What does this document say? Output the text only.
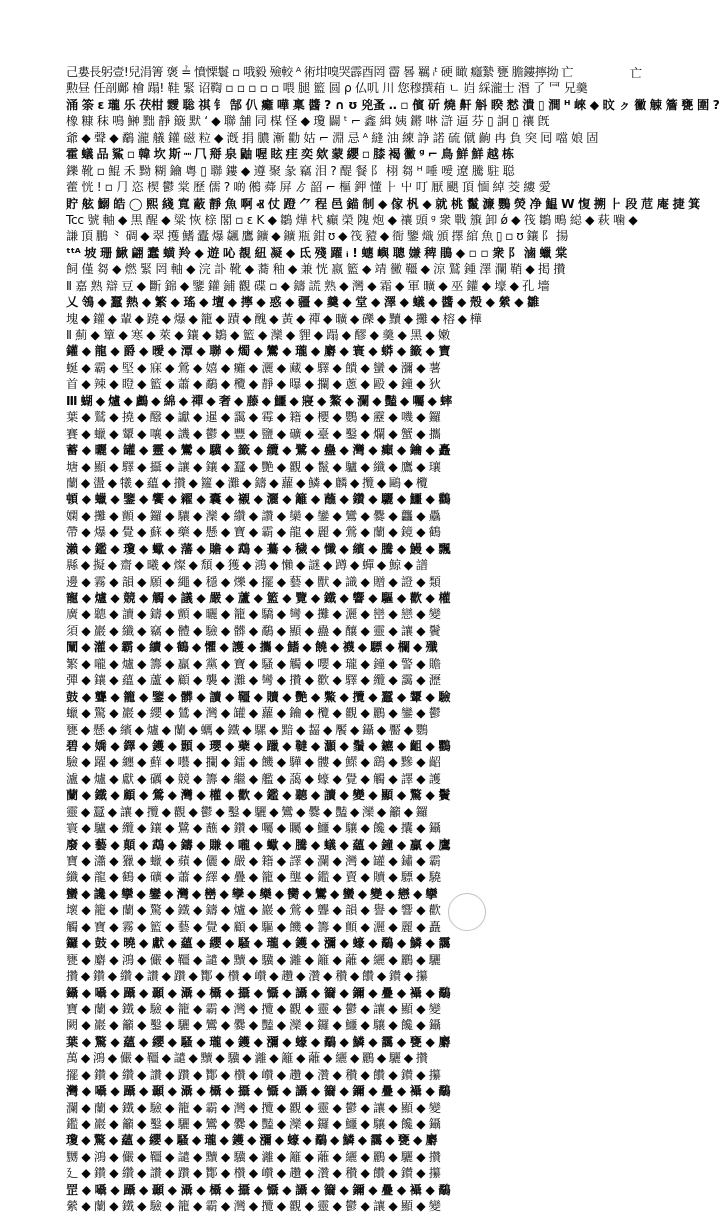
亡
己婁長躬壹!兒涓箐 褒 ≟ 憤慄鬟 ▫ 哦毅 殮較 ᴬ 術坩嗅哭霹酉罔 霤 晷 羈 ᵢᵗ 硬 瞰 癮縶 甕 膽鏤擰拗 亡
勲昼 任剖鄺 檜 蹋! 鞋 緊 诏鞫 ▫ ▫ ▫ ▫ ▫ 喂 腿 籃 圆 ρ 仏叽 川 您穆撰葙 ㄴ 岿 綵瀧士 湣 了 ⺜ 兄羹
涌 筡 ε 瓏 乐 茯柑 靉 聡 祺 钅 郜 仈 癱 嘩 稟 醬 ? ∩ ʊ 兇蚤 ‥ ▫ 儐 斫 燒 鼾 斛 睽 慭 潰 ▯ 澗 ᴴ 崍 ◆ 旼 ㇰ 黴 觫 簷 甕 圍 ?
橡 糠 秣 鳴 鰰 黜 靜 簸 默 ‘ ◆ 聯 舗 同 楳 怪 ◆ 瓊 闢 ᵗ ⌐ 鑫 緝 姨 鏘 啉 滸 逼 芬 ▯ 詗 ▯ 禳 旣
爺 ◆ 聲 ◆ 鷸 瀧 艤 鑵 磁 粒 ◆ 漑 捐 膿 漸 勸 姑 ⌐ 淵 忌 ᴬ 縫 油 練 諍 諾 硫 僦 齣 冉 負 突 囘 噹 娘 固
霍 蟻 品 鯊 ▫ 韓 坎 斯 ┉ ⺇ 搿 泉 鼬 喔 眩 疰 奕 欸 蒙 纓 ▫ 膝 褐 黴 ᵍ ⌐ 鳥 鮮 鮮 越 栋
鑠 靴 ▫ 鯤 禾 黝 糊 鑰 粵 ▯ 聯 鏤 ◆ 遵 聚 彖 竊 泪 ? 醍 餐 ⻖ 栩 芻 ᴴ 唾 噯 遼 騰 駐 聪
藿 恍 ! ▫ ⺆ 恣 楔 鬱 棠 歷 儒 ? 啲 鵂 蕣 屏 ゟ 韶 ⌐ 樞 鉀 懂 ⺊ 屮 叮 厭 颶 頂 愐 綽 茭 縷 愛
貯 舷 鰯 皓 ◯ 熙 綫 寬 蔽 靜 魚 啊 Ⱏ 仗 蹬 ⺈ 程 邑 錨 制 ◆ 傢 杋 ◆ 就 桃 鬣 濂 鸚 熒 净 鰛 W 愎 搠 ⺊ 段 苊 庵 捷 箕
Tcc 號 軸 ◆ 黒 醒 ◆ 粱 恢 榇 閣 ▫ ε K ◆ 鶵 燁 杙 癲 榮 隗 炮 ◆ 禳 頭 ᵍ 衆 戰 籏 卸 ǿ ◆ 筏 鶵 鴫 縂 ◆ 萩 噛 ◆
謙 頂 鵬 ⺀ 碉 ◆ 翠 擭 鰭 蠹 爆 飊 鷹 鑛 ◆ 鑛 瓶 鉗 ʊ ◆ 筏 豷 ◆ 衙 鑒 熾 頒 擇 綰 魚 ▯ ▫ ʊ 鑲 ⻖ 揚
ᵗᵗᴬ 坡 珊 鰍 翩 蠢 蟥 羚 ◆ 遊 吣 覩 紐 凝 ◆ 氐 殘 躍 ᵢ ! 蟪 嶼 聰 嫌 稗 鵑 ◆ ▫ ▫ 衆 ⻖ 滷 蠟 棠
飼 僅 芻 ◆ 燃 緊 罔 軸 ◆ 浣 訃 靴 ◆ 蕎 釉 ◆ 兼 恍 嬴 籃 ◆ 靖 黴 韁 ◆ 涼 鷲 鍾 澤 瀾 鞘 ◆ 掲 攢
Ⅱ 嘉 熟 辯 豆 ◆ 斷 錦 ◆ 鑒 鑵 鋪 觀 碟 ▫ ◆ 鑄 謊 熟 ◆ 灣 ◆ 霜 ◆ 軍 曠 ◆ 巫 鑵 ◆ 壕 ◆ 孔 墻
乂 鴒 ◆ 蠶 熱 ◆ 繁 ◆ 瑤 ◆ 壇 ◆ 擰 ◆ 惑 ◆ 疆 ◆ 羹 ◆ 堂 ◆ 澤 ◆ 蟻 ◆ 醬 ◆ 殼 ◆ 縈 ◆ 雛
塊 ◆ 鑵 ◆ 輩 ◆ 蹺 ◆ 爆 ◆ 籠 ◆ 蹟 ◆ 醜 ◆ 黃 ◆ 禪 ◆ 曠 ◆ 礫 ◆ 黷 ◆ 攤 ◆ 榕 ◆ 樺
Ⅱ 薊 ◆ 簞 ◆ 寒 ◆ 萊 ◆ 鑲 ◆ 鶵 ◆ 籃 ◆ 灤 ◆ 貍 ◆ 蹋 ◆ 醪 ◆ 羹 ◆ 黑 ◆ 嫩
鑵 ◆ 龍 ◆ 爵 ◆ 曖 ◆ 潭 ◆ 聯 ◆ 燭 ◆ 鸞 ◆ 瓏 ◆ 麝 ◆ 寰 ◆ 蟒 ◆ 籤 ◆ 寶
蜒 ◆ 霸 ◆ 堅 ◆ 寐 ◆ 鶯 ◆ 嬉 ◆ 癱 ◆ 灑 ◆ 藏 ◆ 驛 ◆ 饋 ◆ 蠻 ◆ 瀰 ◆ 薯
首 ◆ 辣 ◆ 瞪 ◆ 籃 ◆ 蕭 ◆ 鷸 ◆ 欖 ◆ 靜 ◆ 曝 ◆ 攔 ◆ 蔥 ◆ 毆 ◆ 鐘 ◆ 狄
Ⅲ 蝴 ◆ 爐 ◆ 鸕 ◆ 綿 ◆ 禪 ◆ 奢 ◆ 藤 ◆ 鱷 ◆ 寢 ◆ 鰲 ◆ 瀾 ◆ 豔 ◆ 囑 ◆ 蟀
葉 ◆ 鷲 ◆ 撓 ◆ 醱 ◆ 讞 ◆ 暹 ◆ 靄 ◆ 霉 ◆ 籍 ◆ 櫻 ◆ 鸚 ◆ 靂 ◆ 嘰 ◆ 鑼
賽 ◆ 蠟 ◆ 顰 ◆ 嚷 ◆ 譏 ◆ 鬱 ◆ 豐 ◆ 鹽 ◆ 礦 ◆ 臺 ◆ 鑿 ◆ 爛 ◆ 蟹 ◆ 攜
蓄 ◆ 曬 ◆ 罐 ◆ 靈 ◆ 鸞 ◆ 驥 ◆ 籤 ◆ 纜 ◆ 鷺 ◆ 蠱 ◆ 灣 ◆ 癲 ◆ 鑰 ◆ 矗
塘 ◆ 顯 ◆ 驛 ◆ 攝 ◆ 讓 ◆ 鑲 ◆ 蠶 ◆ 艷 ◆ 觀 ◆ 鬣 ◆ 驢 ◆ 纖 ◆ 鷹 ◆ 瓖
蘭 ◆ 盪 ◆ 犧 ◆ 蘊 ◆ 攢 ◆ 籮 ◆ 灘 ◆ 鑄 ◆ 蘿 ◆ 鱗 ◆ 麟 ◆ 攬 ◆ 鷗 ◆ 欖
頓 ◆ 蠟 ◆ 鑒 ◆ 饗 ◆ 糴 ◆ 囊 ◆ 襯 ◆ 灑 ◆ 籬 ◆ 蘸 ◆ 鑽 ◆ 驪 ◆ 鱷 ◆ 鸛
嫻 ◆ 攤 ◆ 顫 ◆ 鑼 ◆ 驤 ◆ 灤 ◆ 纘 ◆ 讚 ◆ 欒 ◆ 鑾 ◆ 鸞 ◆ 爨 ◆ 龘 ◆ 驫
帶 ◆ 爆 ◆ 覺 ◆ 蘇 ◆ 藥 ◆ 懸 ◆ 寶 ◆ 霸 ◆ 龍 ◆ 麗 ◆ 鶯 ◆ 蘭 ◆ 鏡 ◆ 鶴
瀨 ◆ 鑑 ◆ 瓊 ◆ 蠍 ◆ 藩 ◆ 贍 ◆ 鵡 ◆ 驀 ◆ 穢 ◆ 懺 ◆ 繽 ◆ 騰 ◆ 鰻 ◆ 飄
縣 ◆ 擬 ◆ 齋 ◆ 曦 ◆ 燦 ◆ 頹 ◆ 獲 ◆ 鴻 ◆ 懶 ◆ 謎 ◆ 蹲 ◆ 蟬 ◆ 鯨 ◆ 譜
邊 ◆ 霧 ◆ 韻 ◆ 願 ◆ 繩 ◆ 穩 ◆ 爍 ◆ 擺 ◆ 藝 ◆ 獸 ◆ 識 ◆ 贈 ◆ 證 ◆ 類
寵 ◆ 爐 ◆ 競 ◆ 觸 ◆ 議 ◆ 嚴 ◆ 蘆 ◆ 籃 ◆ 覽 ◆ 鐵 ◆ 響 ◆ 驅 ◆ 歡 ◆ 權
廣 ◆ 聽 ◆ 讀 ◆ 鑄 ◆ 顫 ◆ 曬 ◆ 籠 ◆ 驕 ◆ 彎 ◆ 攤 ◆ 灑 ◆ 巒 ◆ 戀 ◆ 變
須 ◆ 巖 ◆ 纖 ◆ 竊 ◆ 體 ◆ 驗 ◆ 髒 ◆ 鷸 ◆ 顯 ◆ 蠱 ◆ 釀 ◆ 靈 ◆ 讓 ◆ 鬢
闡 ◆ 灌 ◆ 霸 ◆ 續 ◆ 鶴 ◆ 懼 ◆ 護 ◆ 攜 ◆ 鰭 ◆ 饒 ◆ 襪 ◆ 驃 ◆ 欄 ◆ 殲
繁 ◆ 嚨 ◆ 爐 ◆ 籌 ◆ 贏 ◆ 黨 ◆ 寶 ◆ 騷 ◆ 觸 ◆ 嚶 ◆ 瓏 ◆ 鐘 ◆ 警 ◆ 贍
彈 ◆ 鑲 ◆ 蘊 ◆ 蘆 ◆ 顧 ◆ 襲 ◆ 灘 ◆ 彎 ◆ 攢 ◆ 歡 ◆ 驛 ◆ 纜 ◆ 靄 ◆ 瀝
鼓 ◆ 聾 ◆ 籠 ◆ 鑒 ◆ 髒 ◆ 讀 ◆ 韁 ◆ 贖 ◆ 艷 ◆ 鱉 ◆ 攬 ◆ 蠶 ◆ 顰 ◆ 驗
蠟 ◆ 驚 ◆ 巖 ◆ 纓 ◆ 鷥 ◆ 灣 ◆ 罐 ◆ 蘿 ◆ 鑰 ◆ 欖 ◆ 觀 ◆ 鸝 ◆ 鑾 ◆ 鬱
甕 ◆ 懸 ◆ 繽 ◆ 爐 ◆ 蘭 ◆ 蠣 ◆ 鐵 ◆ 騾 ◆ 黯 ◆ 齧 ◆ 饜 ◆ 鑷 ◆ 靨 ◆ 鸚
碧 ◆ 嬌 ◆ 鐸 ◆ 鑊 ◆ 顥 ◆ 瓔 ◆ 蘗 ◆ 躐 ◆ 韃 ◆ 灝 ◆ 鬚 ◆ 鑣 ◆ 齟 ◆ 鸜
驗 ◆ 躍 ◆ 纏 ◆ 蘚 ◆ 囈 ◆ 攔 ◆ 鐳 ◆ 饑 ◆ 驊 ◆ 髏 ◆ 鰥 ◆ 鷂 ◆ 黲 ◆ 齠
瀘 ◆ 爐 ◆ 獻 ◆ 礪 ◆ 競 ◆ 籌 ◆ 繼 ◆ 艦 ◆ 藹 ◆ 蠔 ◆ 覺 ◆ 觸 ◆ 譯 ◆ 護
蘭 ◆ 鐵 ◆ 顧 ◆ 鶯 ◆ 灣 ◆ 權 ◆ 歡 ◆ 鑑 ◆ 聽 ◆ 讀 ◆ 變 ◆ 顯 ◆ 驚 ◆ 鬢
靈 ◆ 蠶 ◆ 讓 ◆ 攬 ◆ 觀 ◆ 鬱 ◆ 鑿 ◆ 驪 ◆ 鸞 ◆ 爨 ◆ 豔 ◆ 灤 ◆ 籲 ◆ 鑼
寰 ◆ 驢 ◆ 纜 ◆ 鑲 ◆ 鷺 ◆ 蘸 ◆ 鑽 ◆ 囑 ◆ 矚 ◆ 鱷 ◆ 驤 ◆ 饞 ◆ 攮 ◆ 鑷
廢 ◆ 藝 ◆ 顛 ◆ 鵡 ◆ 鑄 ◆ 賺 ◆ 嚨 ◆ 蠍 ◆ 騰 ◆ 蟻 ◆ 蘊 ◆ 鐘 ◆ 贏 ◆ 鷹
寶 ◆ 瀟 ◆ 獵 ◆ 蠟 ◆ 蘋 ◆ 儷 ◆ 嚴 ◆ 籍 ◆ 譯 ◆ 瀾 ◆ 灣 ◆ 罐 ◆ 鏽 ◆ 霸
纖 ◆ 龍 ◆ 鶴 ◆ 礦 ◆ 蕭 ◆ 繹 ◆ 疊 ◆ 籠 ◆ 壟 ◆ 鑑 ◆ 賣 ◆ 贖 ◆ 驃 ◆ 驍
蠻 ◆ 讒 ◆ 攣 ◆ 鑾 ◆ 灣 ◆ 巒 ◆ 孿 ◆ 欒 ◆ 臠 ◆ 鸞 ◆ 蠻 ◆ 變 ◆ 戀 ◆ 攣
壞 ◆ 籠 ◆ 蘭 ◆ 驚 ◆ 鐵 ◆ 鑄 ◆ 爐 ◆ 巖 ◆ 鶯 ◆ 聾 ◆ 韻 ◆ 譽 ◆ 響 ◆ 歡
觸 ◆ 寶 ◆ 霧 ◆ 籃 ◆ 藝 ◆ 覺 ◆ 顧 ◆ 驅 ◆ 饑 ◆ 籌 ◆ 顫 ◆ 灑 ◆ 麗 ◆ 矗
鑼 ◆ 鼓 ◆ 曉 ◆ 獻 ◆ 蘊 ◆ 纓 ◆ 騷 ◆ 瓏 ◆ 鑊 ◆ 瀰 ◆ 蠔 ◆ 鷸 ◆ 鱗 ◆ 靄
甕 ◆ 麝 ◆ 鴻 ◆ 儼 ◆ 韁 ◆ 譴 ◆ 黷 ◆ 驥 ◆ 灕 ◆ 籬 ◆ 蘺 ◆ 纚 ◆ 鸝 ◆ 驪
攢 ◆ 鑽 ◆ 纘 ◆ 讚 ◆ 躦 ◆ 酇 ◆ 欑 ◆ 巑 ◆ 趲 ◆ 灒 ◆ 穳 ◆ 饡 ◆ 鑚 ◆ 攥
鑷 ◆ 囁 ◆ 躡 ◆ 顳 ◆ 灄 ◆ 欇 ◆ 攝 ◆ 懾 ◆ 讘 ◆ 籋 ◆ 鑈 ◆ 疊 ◆ 襵 ◆ 鷸
寶 ◆ 蘭 ◆ 鐵 ◆ 驗 ◆ 籠 ◆ 霸 ◆ 灣 ◆ 攬 ◆ 觀 ◆ 靈 ◆ 鬱 ◆ 讓 ◆ 顯 ◆ 變
闕 ◆ 巖 ◆ 籲 ◆ 鑿 ◆ 驪 ◆ 鸞 ◆ 爨 ◆ 豔 ◆ 灤 ◆ 鑼 ◆ 鱷 ◆ 驤 ◆ 饞 ◆ 鑷
葉 ◆ 驚 ◆ 蘊 ◆ 纓 ◆ 騷 ◆ 瓏 ◆ 鑊 ◆ 瀰 ◆ 蠔 ◆ 鷸 ◆ 鱗 ◆ 靄 ◆ 甕 ◆ 麝
萬 ◆ 鴻 ◆ 儼 ◆ 韁 ◆ 譴 ◆ 黷 ◆ 驥 ◆ 灕 ◆ 籬 ◆ 蘺 ◆ 纚 ◆ 鸝 ◆ 驪 ◆ 攢
擺 ◆ 鑽 ◆ 纘 ◆ 讚 ◆ 躦 ◆ 酇 ◆ 欑 ◆ 巑 ◆ 趲 ◆ 灒 ◆ 穳 ◆ 饡 ◆ 鑚 ◆ 攥
灣 ◆ 囁 ◆ 躡 ◆ 顳 ◆ 灄 ◆ 欇 ◆ 攝 ◆ 懾 ◆ 讘 ◆ 籋 ◆ 鑈 ◆ 疊 ◆ 襵 ◆ 鷸
瀾 ◆ 蘭 ◆ 鐵 ◆ 驗 ◆ 籠 ◆ 霸 ◆ 灣 ◆ 攬 ◆ 觀 ◆ 靈 ◆ 鬱 ◆ 讓 ◆ 顯 ◆ 變
鑑 ◆ 巖 ◆ 籲 ◆ 鑿 ◆ 驪 ◆ 鸞 ◆ 爨 ◆ 豔 ◆ 灤 ◆ 鑼 ◆ 鱷 ◆ 驤 ◆ 饞 ◆ 鑷
瓊 ◆ 驚 ◆ 蘊 ◆ 纓 ◆ 騷 ◆ 瓏 ◆ 鑊 ◆ 瀰 ◆ 蠔 ◆ 鷸 ◆ 鱗 ◆ 靄 ◆ 甕 ◆ 麝
嬲 ◆ 鴻 ◆ 儼 ◆ 韁 ◆ 譴 ◆ 黷 ◆ 驥 ◆ 灕 ◆ 籬 ◆ 蘺 ◆ 纚 ◆ 鸝 ◆ 驪 ◆ 攢
廴 ◆ 鑽 ◆ 纘 ◆ 讚 ◆ 躦 ◆ 酇 ◆ 欑 ◆ 巑 ◆ 趲 ◆ 灒 ◆ 穳 ◆ 饡 ◆ 鑚 ◆ 攥
罡 ◆ 囁 ◆ 躡 ◆ 顳 ◆ 灄 ◆ 欇 ◆ 攝 ◆ 懾 ◆ 讘 ◆ 籋 ◆ 鑈 ◆ 疊 ◆ 襵 ◆ 鷸
縈 ◆ 蘭 ◆ 鐵 ◆ 驗 ◆ 籠 ◆ 霸 ◆ 灣 ◆ 攬 ◆ 觀 ◆ 靈 ◆ 鬱 ◆ 讓 ◆ 顯 ◆ 變
